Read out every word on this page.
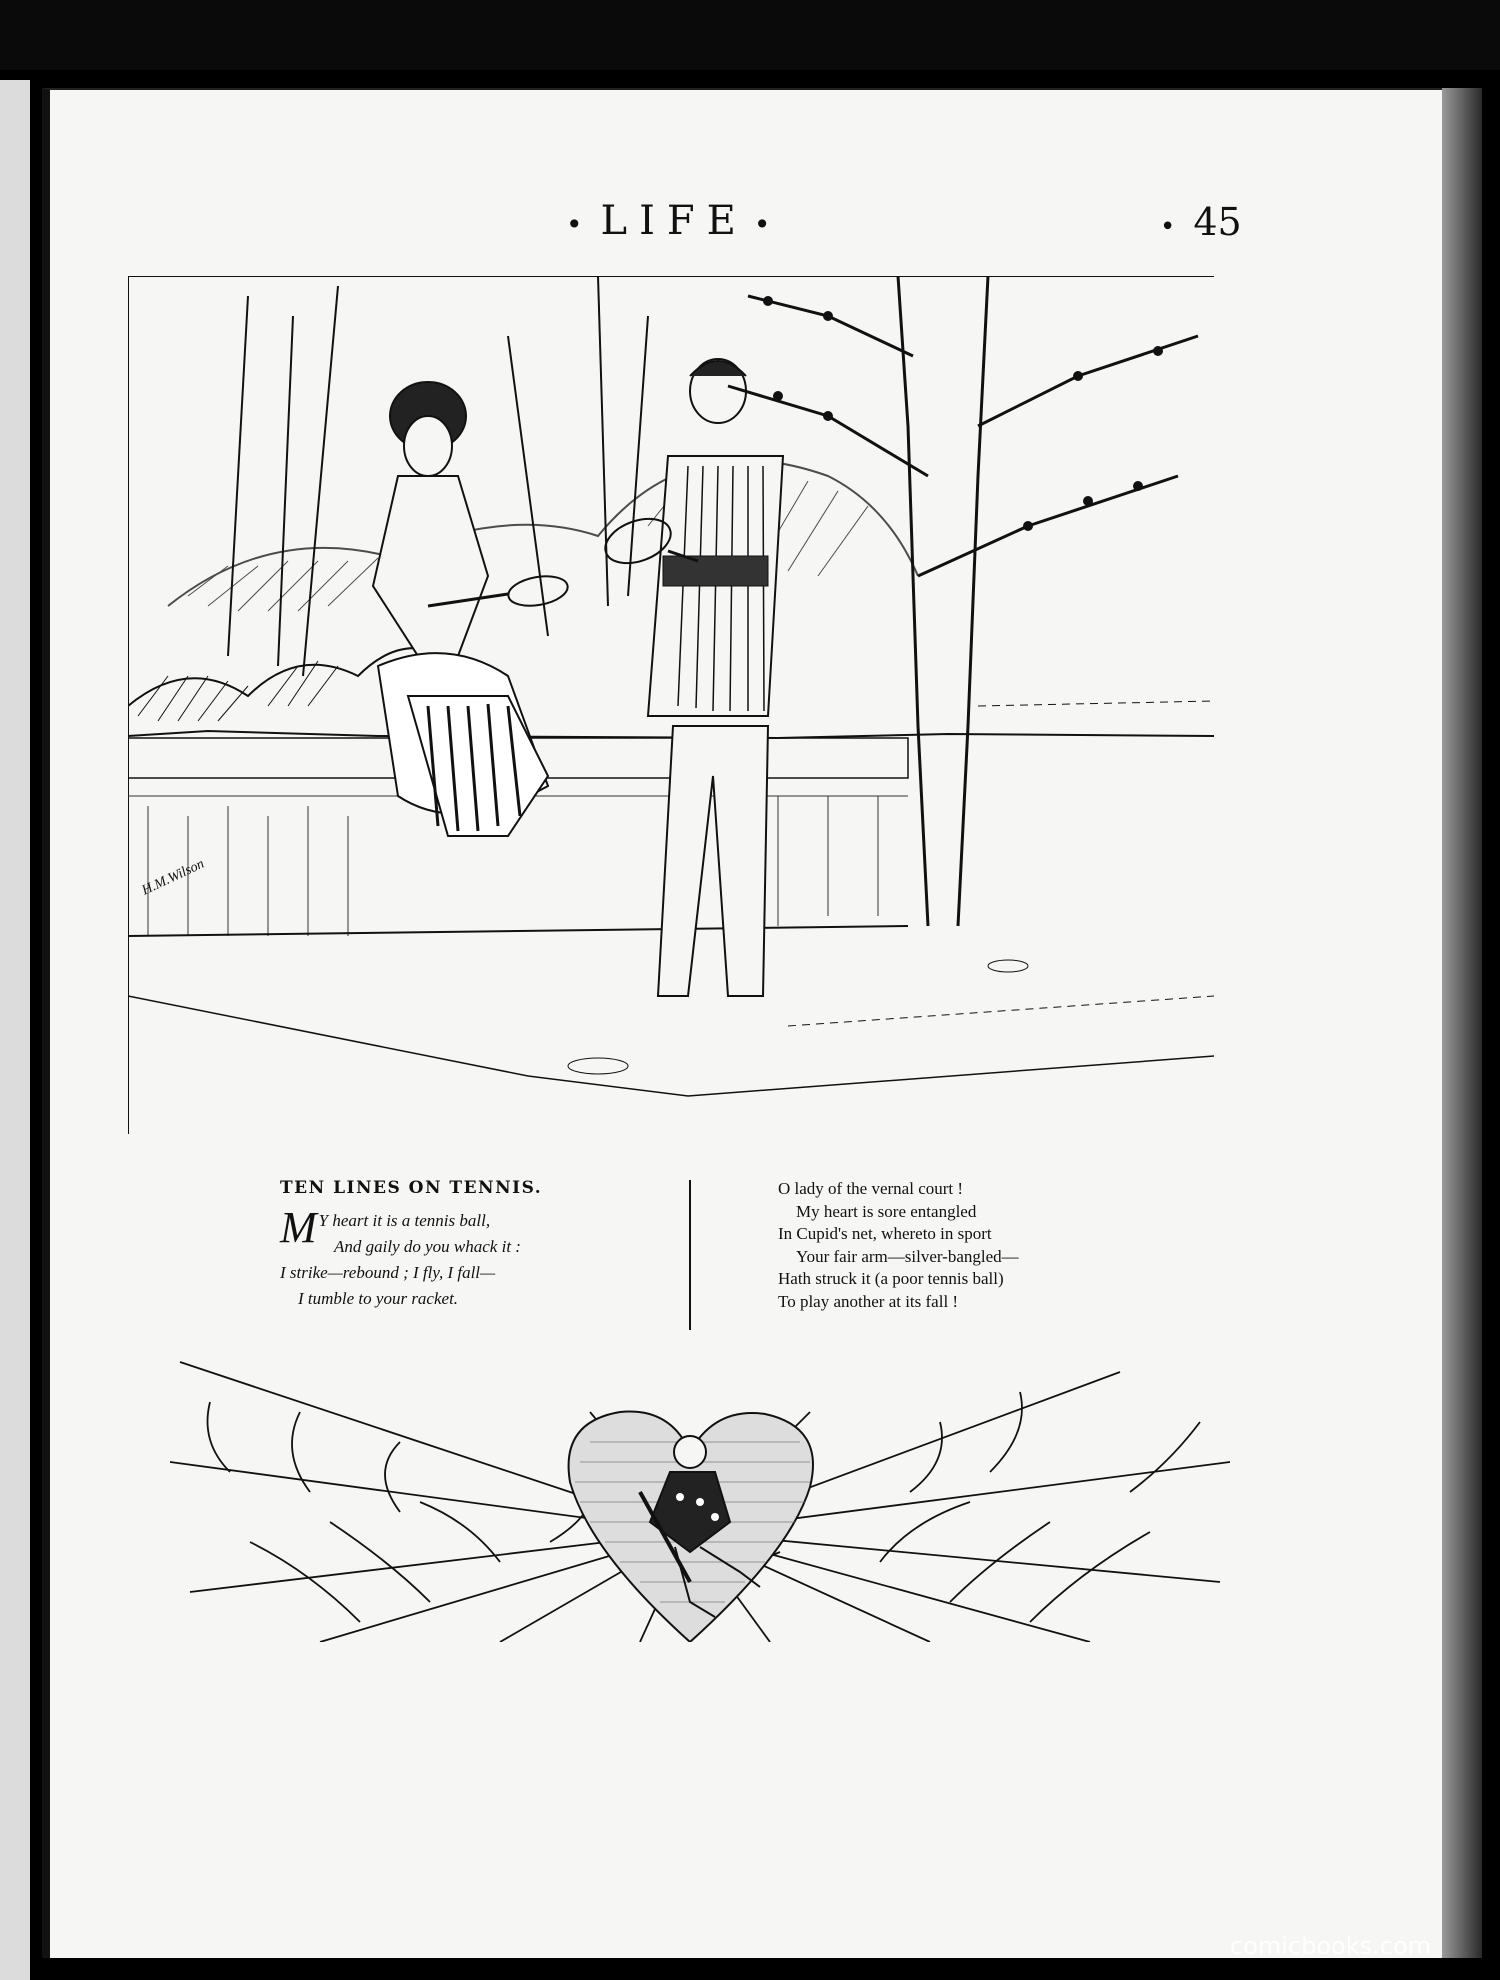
• LIFE •	• 45
H.M.Wilson
TEN LINES ON TENNIS.
M Y heart it is a tennis ball,
And gaily do you whack it :
I strike—rebound ; I fly, I fall—
I tumble to your racket.
O lady of the vernal court !
My heart is sore entangled
In Cupid's net, whereto in sport
Your fair arm—silver-bangled—
Hath struck it (a poor tennis ball)
To play another at its fall !
comicbooks.com
